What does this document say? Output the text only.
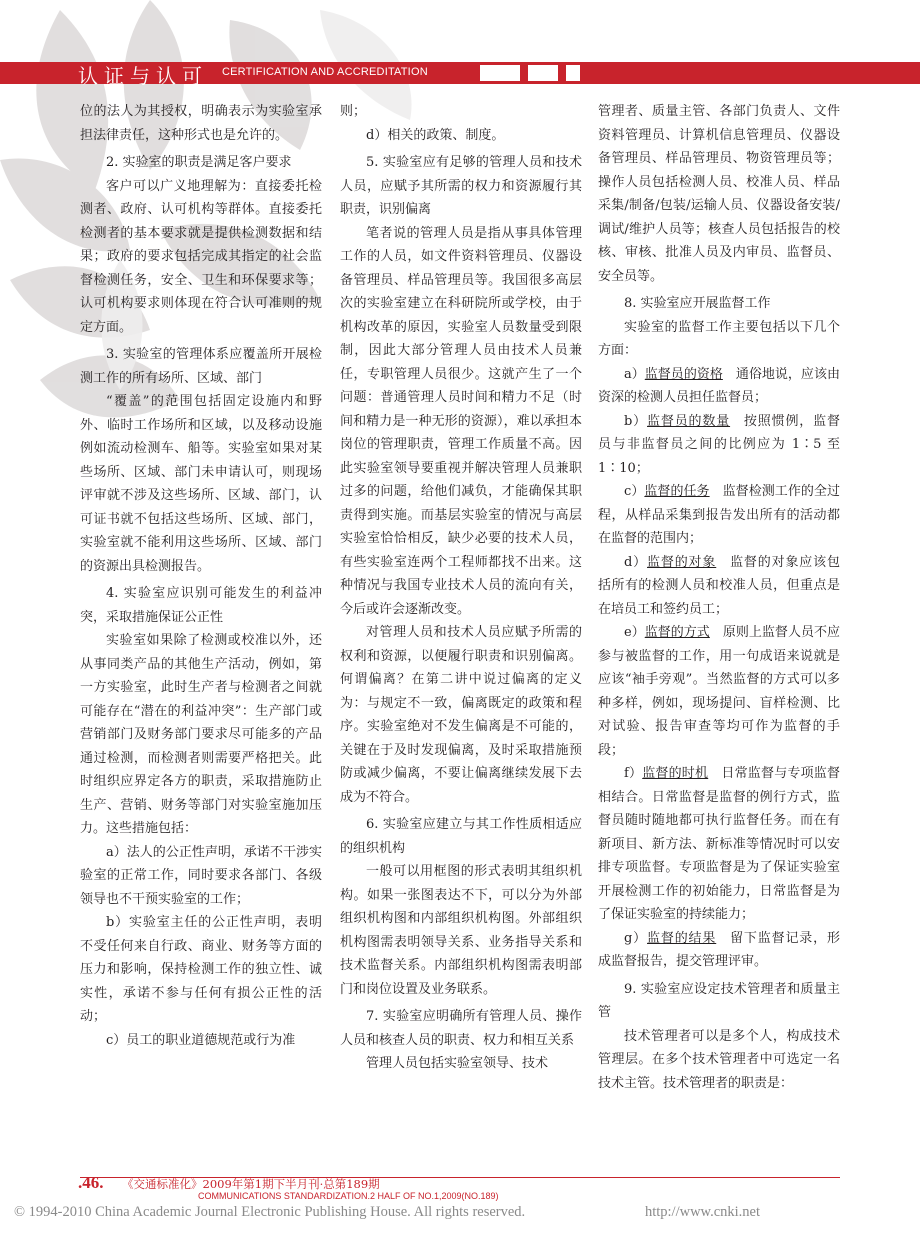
认证与认可 CERTIFICATION AND ACCREDITATION

位的法人为其授权，明确表示为实验室承担法律责任，这种形式也是允许的。

2. 实验室的职责是满足客户要求

客户可以广义地理解为：直接委托检测者、政府、认可机构等群体。直接委托检测者的基本要求就是提供检测数据和结果；政府的要求包括完成其指定的社会监督检测任务，安全、卫生和环保要求等；认可机构要求则体现在符合认可准则的规定方面。

3. 实验室的管理体系应覆盖所开展检测工作的所有场所、区域、部门

“覆盖”的范围包括固定设施内和野外、临时工作场所和区域，以及移动设施例如流动检测车、船等。实验室如果对某些场所、区域、部门未申请认可，则现场评审就不涉及这些场所、区域、部门，认可证书就不包括这些场所、区域、部门，实验室就不能利用这些场所、区域、部门的资源出具检测报告。

4. 实验室应识别可能发生的利益冲突，采取措施保证公正性

实验室如果除了检测或校准以外，还从事同类产品的其他生产活动，例如，第一方实验室，此时生产者与检测者之间就可能存在“潜在的利益冲突”：生产部门或营销部门及财务部门要求尽可能多的产品通过检测，而检测者则需要严格把关。此时组织应界定各方的职责，采取措施防止生产、营销、财务等部门对实验室施加压力。这些措施包括：

a）法人的公正性声明，承诺不干涉实验室的正常工作，同时要求各部门、各级领导也不干预实验室的工作；

b）实验室主任的公正性声明，表明不受任何来自行政、商业、财务等方面的压力和影响，保持检测工作的独立性、诚实性，承诺不参与任何有损公正性的活动；

c）员工的职业道德规范或行为准

则；

d）相关的政策、制度。

5. 实验室应有足够的管理人员和技术人员，应赋予其所需的权力和资源履行其职责，识别偏离

笔者说的管理人员是指从事具体管理工作的人员，如文件资料管理员、仪器设备管理员、样品管理员等。我国很多高层次的实验室建立在科研院所或学校，由于机构改革的原因，实验室人员数量受到限制，因此大部分管理人员由技术人员兼任，专职管理人员很少。这就产生了一个问题：普通管理人员时间和精力不足（时间和精力是一种无形的资源），难以承担本岗位的管理职责，管理工作质量不高。因此实验室领导要重视并解决管理人员兼职过多的问题，给他们减负，才能确保其职责得到实施。而基层实验室的情况与高层实验室恰恰相反，缺少必要的技术人员，有些实验室连两个工程师都找不出来。这种情况与我国专业技术人员的流向有关，今后或许会逐渐改变。

对管理人员和技术人员应赋予所需的权利和资源，以便履行职责和识别偏离。何谓偏离？在第二讲中说过偏离的定义为：与规定不一致，偏离既定的政策和程序。实验室绝对不发生偏离是不可能的，关键在于及时发现偏离，及时采取措施预防或减少偏离，不要让偏离继续发展下去成为不符合。

6. 实验室应建立与其工作性质相适应的组织机构

一般可以用框图的形式表明其组织机构。如果一张图表达不下，可以分为外部组织机构图和内部组织机构图。外部组织机构图需表明领导关系、业务指导关系和技术监督关系。内部组织机构图需表明部门和岗位设置及业务联系。

7. 实验室应明确所有管理人员、操作人员和核查人员的职责、权力和相互关系

管理人员包括实验室领导、技术

管理者、质量主管、各部门负责人、文件资料管理员、计算机信息管理员、仪器设备管理员、样品管理员、物资管理员等；操作人员包括检测人员、校准人员、样品采集/制备/包装/运输人员、仪器设备安装/调试/维护人员等；核查人员包括报告的校核、审核、批准人员及内审员、监督员、安全员等。

8. 实验室应开展监督工作

实验室的监督工作主要包括以下几个方面：

a）监督员的资格　 通俗地说，应该由资深的检测人员担任监督员；

b）监督员的数量　 按照惯例，监督员与非监督员之间的比例应为 1∶5 至 1∶10；

c）监督的任务　 监督检测工作的全过程，从样品采集到报告发出所有的活动都在监督的范围内；

d）监督的对象　 监督的对象应该包括所有的检测人员和校准人员，但重点是在培员工和签约员工；

e）监督的方式　 原则上监督人员不应参与被监督的工作，用一句成语来说就是应该“袖手旁观”。当然监督的方式可以多种多样，例如，现场提问、盲样检测、比对试验、报告审查等均可作为监督的手段；

f）监督的时机　 日常监督与专项监督相结合。日常监督是监督的例行方式，监督员随时随地都可执行监督任务。而在有新项目、新方法、新标准等情况时可以安排专项监督。专项监督是为了保证实验室开展检测工作的初始能力，日常监督是为了保证实验室的持续能力；

g）监督的结果　 留下监督记录，形成监督报告，提交管理评审。

9. 实验室应设定技术管理者和质量主管

技术管理者可以是多个人，构成技术管理层。在多个技术管理者中可选定一名技术主管。技术管理者的职责是：

.46. 《交通标准化》2009年第1期下半月刊·总第189期
COMMUNICATIONS STANDARDIZATION.2 HALF OF NO.1,2009(NO.189)
© 1994-2010 China Academic Journal Electronic Publishing House. All rights reserved.	http://www.cnki.net
